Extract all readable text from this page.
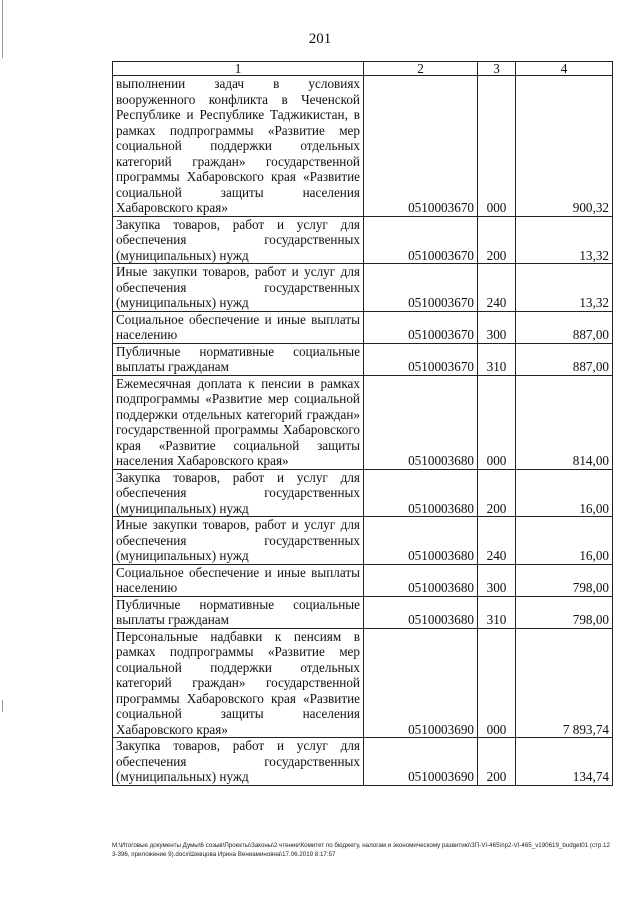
201
1	2	3	4
выполнении задач в условиях вооруженного конфликта в Чеченской Республике и Республике Таджикистан, в рамках подпрограммы «Развитие мер социальной поддержки отдельных категорий граждан» государственной программы Хабаровского края «Развитие социальной защиты населения Хабаровского края»	0510003670	000	900,32
Закупка товаров, работ и услуг для обеспечения государственных (муниципальных) нужд	0510003670	200	13,32
Иные закупки товаров, работ и услуг для обеспечения государственных (муниципальных) нужд	0510003670	240	13,32
Социальное обеспечение и иные выплаты населению	0510003670	300	887,00
Публичные нормативные социальные выплаты гражданам	0510003670	310	887,00
Ежемесячная доплата к пенсии в рамках подпрограммы «Развитие мер социальной поддержки отдельных категорий граждан» государственной программы Хабаровского края «Развитие социальной защиты населения Хабаровского края»	0510003680	000	814,00
Закупка товаров, работ и услуг для обеспечения государственных (муниципальных) нужд	0510003680	200	16,00
Иные закупки товаров, работ и услуг для обеспечения государственных (муниципальных) нужд	0510003680	240	16,00
Социальное обеспечение и иные выплаты населению	0510003680	300	798,00
Публичные нормативные социальные выплаты гражданам	0510003680	310	798,00
Персональные надбавки к пенсиям в рамках подпрограммы «Развитие мер социальной поддержки отдельных категорий граждан» государственной программы Хабаровского края «Развитие социальной защиты населения Хабаровского края»	0510003690	000	7 893,74
Закупка товаров, работ и услуг для обеспечения государственных (муниципальных) нужд	0510003690	200	134,74
M:\Итоговые документы Думы\6 созыв\Проекты\Законы\2 чтение\Комитет по бюджету, налогам и экономическому развитию\ЗП-VI-465\пр2-VI-465_v190619_budget01 (стр.123-396, приложение 9).docx\Шевцова Ирина Вениаминовна\17.06.2019 8:17:57
